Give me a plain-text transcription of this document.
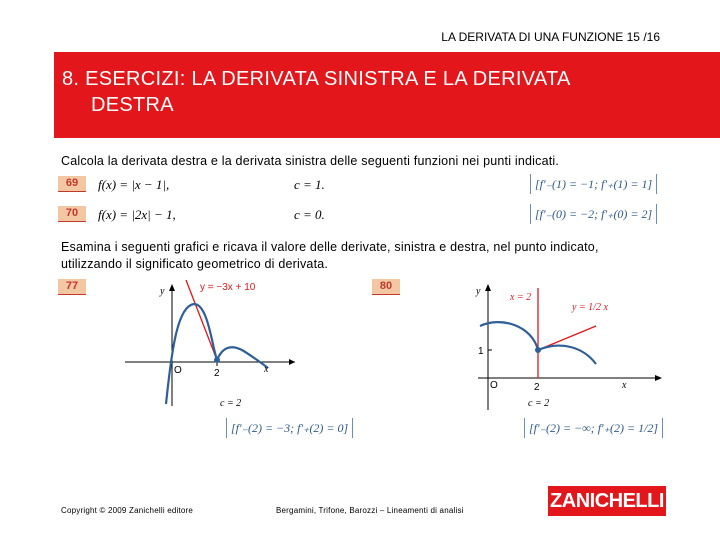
LA DERIVATA DI UNA FUNZIONE 15 /16
8. ESERCIZI: LA DERIVATA SINISTRA E LA DERIVATA
DESTRA
Calcola la derivata destra e la derivata sinistra delle seguenti funzioni nei punti indicati.
69	f(x) = |x − 1|,	c = 1.	[f′₋(1) = −1; f′₊(1) = 1]
70	f(x) = |2x| − 1,	c = 0.	[f′₋(0) = −2; f′₊(0) = 2]
Esamina i seguenti grafici e ricava il valore delle derivate, sinistra e destra, nel punto indicato,
utilizzando il significato geometrico di derivata.
77	y = −3x + 10
y
x
O	2
c = 2
[f′₋(2) = −3; f′₊(2) = 0]
80
x = 2
y = 1/2 x
y
x
O	2
1
c = 2
[f′₋(2) = −∞; f′₊(2) = 1/2]
Copyright © 2009 Zanichelli editore	Bergamini, Trifone, Barozzi – Lineamenti di analisi	ZANICHELLI
